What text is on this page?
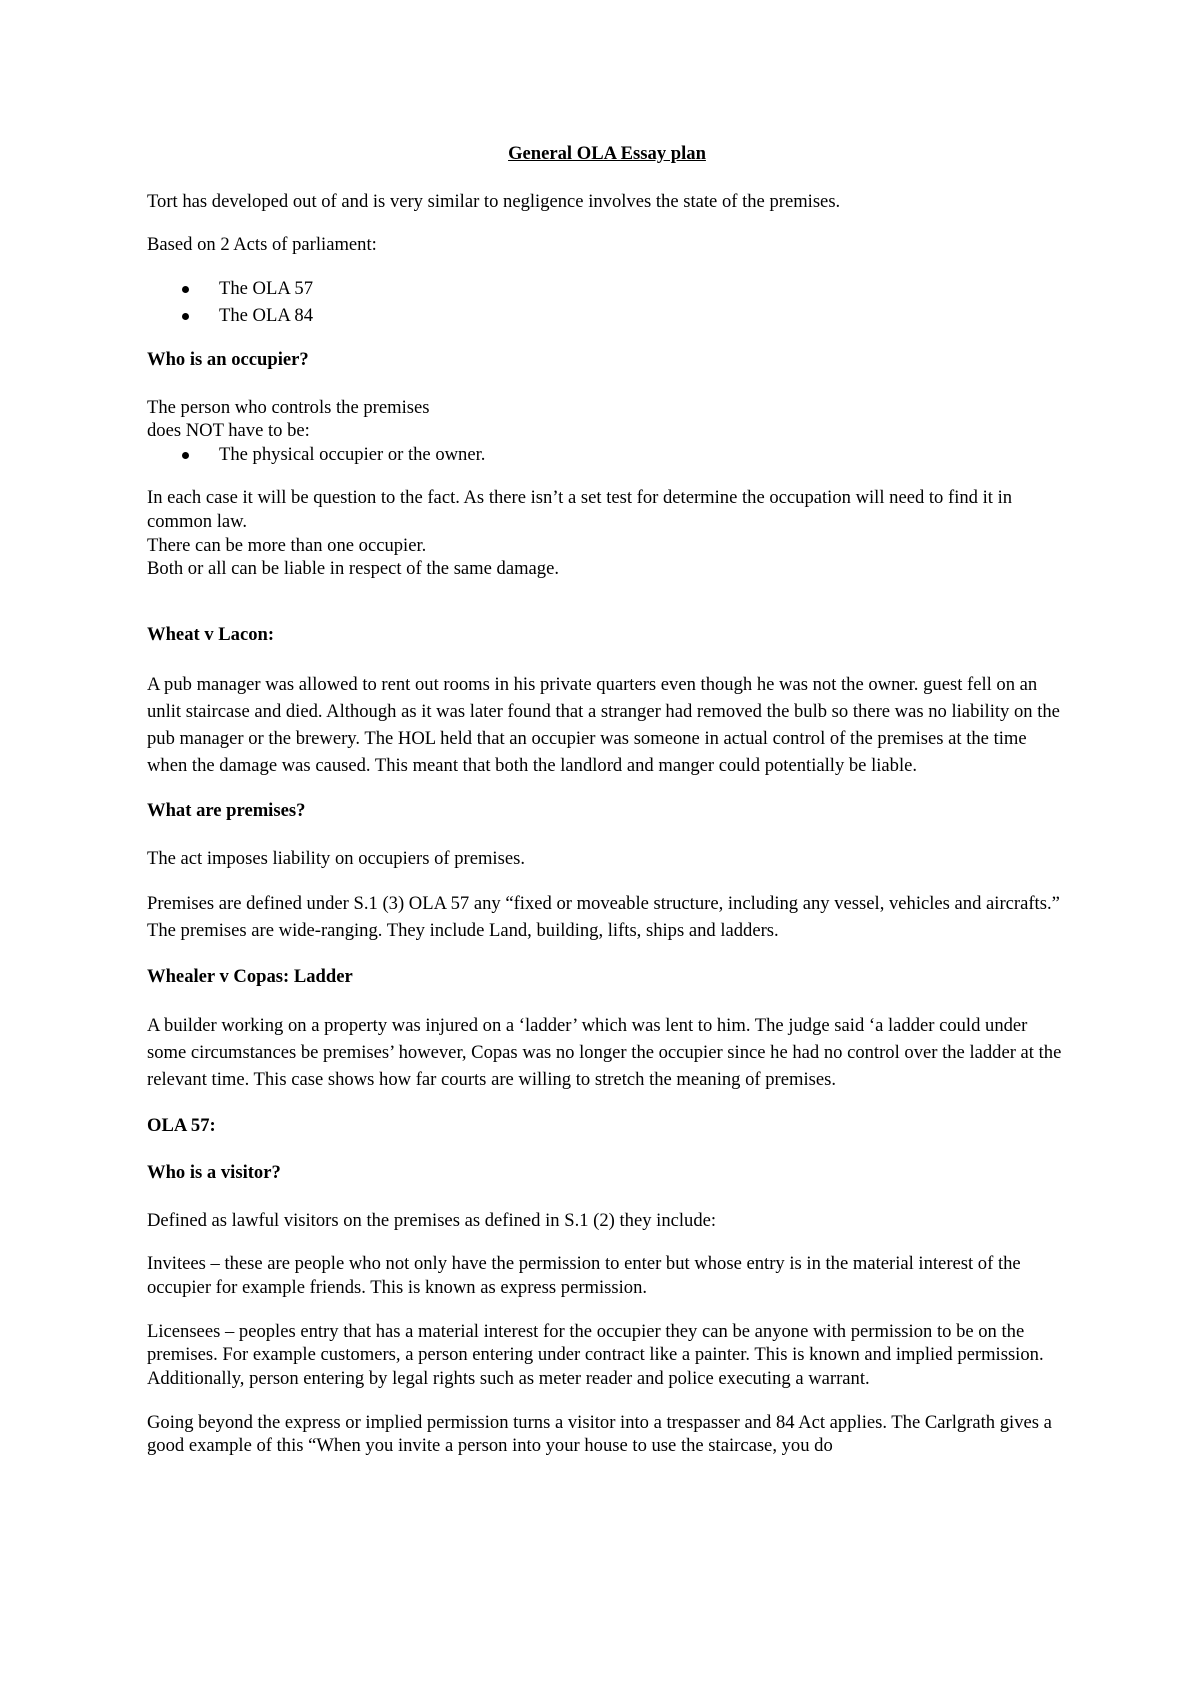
General OLA Essay plan

Tort has developed out of and is very similar to negligence involves the state of the premises.

Based on 2 Acts of parliament:

The OLA 57
The OLA 84
Who is an occupier?

The person who controls the premises

does NOT have to be:

The physical occupier or the owner.

In each case it will be question to the fact. As there isn’t a set test for determine the occupation will need to find it in common law.

There can be more than one occupier.

Both or all can be liable in respect of the same damage.

Wheat v Lacon:

A pub manager was allowed to rent out rooms in his private quarters even though he was not the owner. guest fell on an unlit staircase and died. Although as it was later found that a stranger had removed the bulb so there was no liability on the pub manager or the brewery. The HOL held that an occupier was someone in actual control of the premises at the time when the damage was caused. This meant that both the landlord and manger could potentially be liable.

What are premises?

The act imposes liability on occupiers of premises.

Premises are defined under S.1 (3) OLA 57 any “fixed or moveable structure, including any vessel, vehicles and aircrafts.” The premises are wide-ranging. They include Land, building, lifts, ships and ladders.

Whealer v Copas: Ladder

A builder working on a property was injured on a ‘ladder’ which was lent to him. The judge said ‘a ladder could under some circumstances be premises’ however, Copas was no longer the occupier since he had no control over the ladder at the relevant time. This case shows how far courts are willing to stretch the meaning of premises.

OLA 57:
Who is a visitor?

Defined as lawful visitors on the premises as defined in S.1 (2) they include:

Invitees – these are people who not only have the permission to enter but whose entry is in the material interest of the occupier for example friends. This is known as express permission.

Licensees – peoples entry that has a material interest for the occupier they can be anyone with permission to be on the premises. For example customers, a person entering under contract like a painter. This is known and implied permission. Additionally, person entering by legal rights such as meter reader and police executing a warrant.

Going beyond the express or implied permission turns a visitor into a trespasser and 84 Act applies. The Carlgrath gives a good example of this “When you invite a person into your house to use the staircase, you do
